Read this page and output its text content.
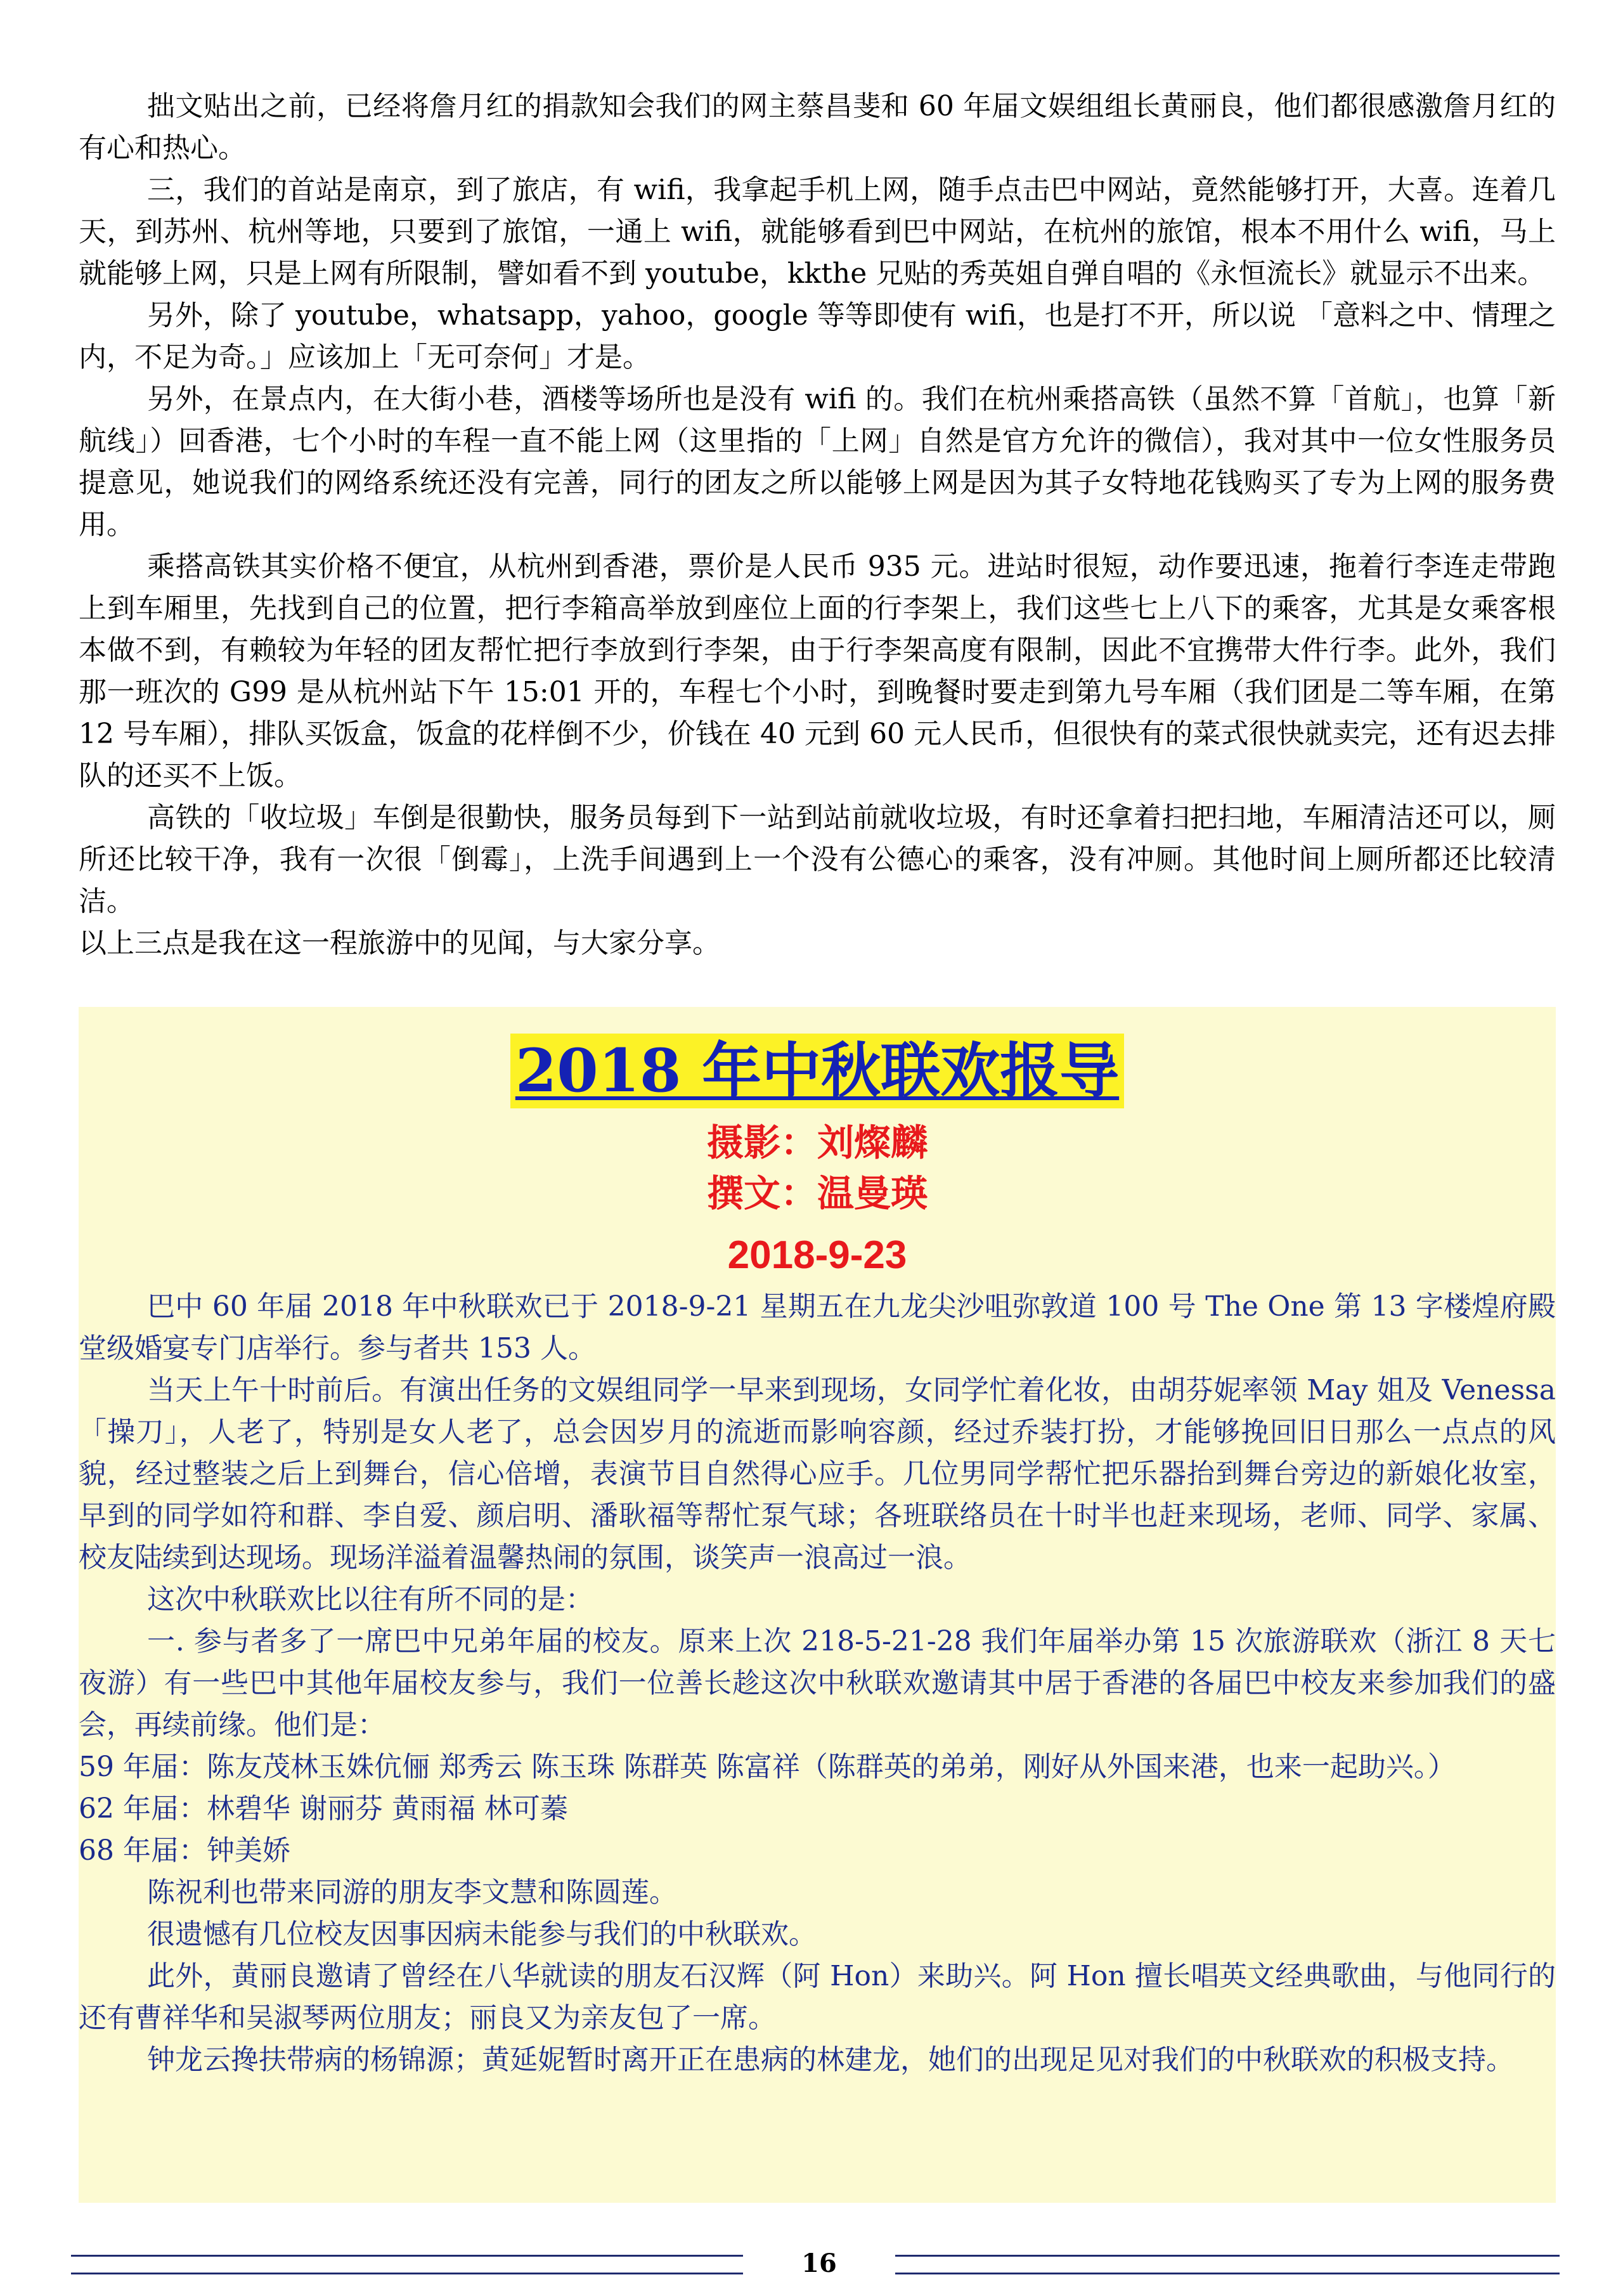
拙文贴出之前，已经将詹月红的捐款知会我们的网主蔡昌斐和 60 年届文娱组组长黄丽良，他们都很感激詹月红的有心和热心。

三，我们的首站是南京，到了旅店，有 wifi，我拿起手机上网，随手点击巴中网站，竟然能够打开，大喜。连着几天，到苏州、杭州等地，只要到了旅馆，一通上 wifi，就能够看到巴中网站，在杭州的旅馆，根本不用什么 wifi，马上就能够上网，只是上网有所限制，譬如看不到 youtube，kkthe 兄贴的秀英姐自弹自唱的《永恒流长》就显示不出来。

另外，除了 youtube，whatsapp，yahoo，google 等等即使有 wifi，也是打不开，所以说 「意料之中、情理之内，不足为奇。」应该加上「无可奈何」才是。

另外，在景点内，在大街小巷，酒楼等场所也是没有 wifi 的。我们在杭州乘搭高铁（虽然不算「首航」，也算「新航线」）回香港，七个小时的车程一直不能上网（这里指的「上网」自然是官方允许的微信），我对其中一位女性服务员提意见，她说我们的网络系统还没有完善，同行的团友之所以能够上网是因为其子女特地花钱购买了专为上网的服务费用。

乘搭高铁其实价格不便宜，从杭州到香港，票价是人民币 935 元。进站时很短，动作要迅速，拖着行李连走带跑上到车厢里，先找到自己的位置，把行李箱高举放到座位上面的行李架上，我们这些七上八下的乘客，尤其是女乘客根本做不到，有赖较为年轻的团友帮忙把行李放到行李架，由于行李架高度有限制，因此不宜携带大件行李。此外，我们那一班次的 G99 是从杭州站下午 15:01 开的，车程七个小时，到晚餐时要走到第九号车厢（我们团是二等车厢，在第 12 号车厢），排队买饭盒，饭盒的花样倒不少，价钱在 40 元到 60 元人民币，但很快有的菜式很快就卖完，还有迟去排队的还买不上饭。

高铁的「收垃圾」车倒是很勤快，服务员每到下一站到站前就收垃圾，有时还拿着扫把扫地，车厢清洁还可以，厕所还比较干净，我有一次很「倒霉」，上洗手间遇到上一个没有公德心的乘客，没有冲厕。其他时间上厕所都还比较清洁。

以上三点是我在这一程旅游中的见闻，与大家分享。

2018 年中秋联欢报导
摄影：刘燦麟
撰文：温曼瑛
2018-9-23

巴中 60 年届 2018 年中秋联欢已于 2018-9-21 星期五在九龙尖沙咀弥敦道 100 号 The One 第 13 字楼煌府殿堂级婚宴专门店举行。参与者共 153 人。

当天上午十时前后。有演出任务的文娱组同学一早来到现场，女同学忙着化妆，由胡芬妮率领 May 姐及 Venessa「操刀」，人老了，特别是女人老了，总会因岁月的流逝而影响容颜，经过乔装打扮，才能够挽回旧日那么一点点的风貌，经过整装之后上到舞台，信心倍增，表演节目自然得心应手。几位男同学帮忙把乐器抬到舞台旁边的新娘化妆室，早到的同学如符和群、李自爱、颜启明、潘耿福等帮忙泵气球；各班联络员在十时半也赶来现场，老师、同学、家属、校友陆续到达现场。现场洋溢着温馨热闹的氛围，谈笑声一浪高过一浪。

这次中秋联欢比以往有所不同的是：

一. 参与者多了一席巴中兄弟年届的校友。原来上次 218-5-21-28 我们年届举办第 15 次旅游联欢（浙江 8 天七夜游）有一些巴中其他年届校友参与，我们一位善长趁这次中秋联欢邀请其中居于香港的各届巴中校友来参加我们的盛会，再续前缘。他们是：

59 年届：陈友茂林玉姝伉俪 郑秀云 陈玉珠 陈群英 陈富祥（陈群英的弟弟，刚好从外国来港，也来一起助兴。）

62 年届：林碧华 谢丽芬 黄雨福 林可蓁

68 年届：钟美娇

陈祝利也带来同游的朋友李文慧和陈圆莲。

很遗憾有几位校友因事因病未能参与我们的中秋联欢。

此外，黄丽良邀请了曾经在八华就读的朋友石汉辉（阿 Hon）来助兴。阿 Hon 擅长唱英文经典歌曲，与他同行的还有曹祥华和吴淑琴两位朋友；丽良又为亲友包了一席。

钟龙云搀扶带病的杨锦源；黄延妮暂时离开正在患病的林建龙，她们的出现足见对我们的中秋联欢的积极支持。

16
